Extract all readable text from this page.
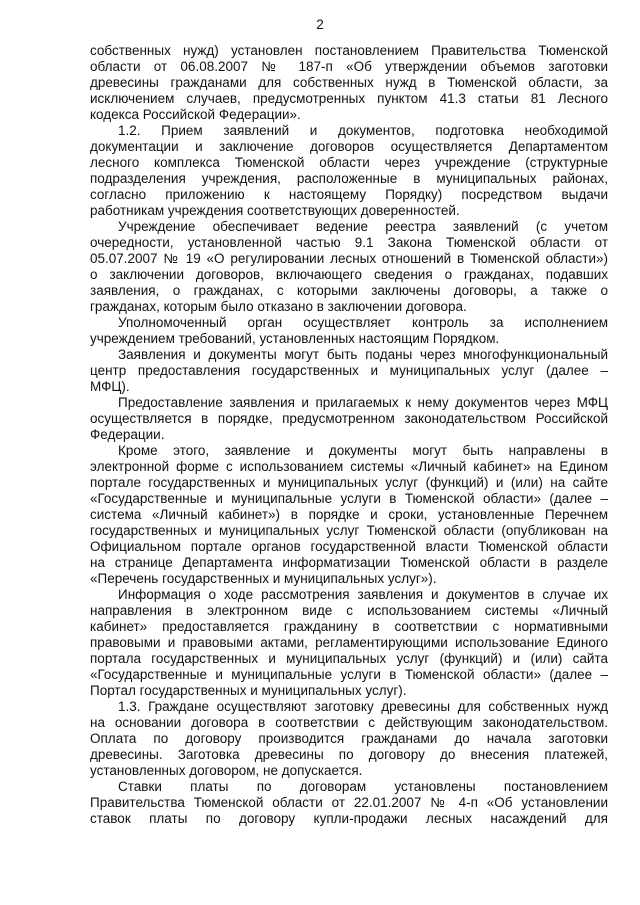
2
собственных нужд) установлен постановлением Правительства Тюменской
области от 06.08.2007 № 187-п «Об утверждении объемов заготовки
древесины гражданами для собственных нужд в Тюменской области, за
исключением случаев, предусмотренных пунктом 41.3 статьи 81 Лесного
кодекса Российской Федерации».
1.2. Прием заявлений и документов, подготовка необходимой
документации и заключение договоров осуществляется Департаментом
лесного комплекса Тюменской области через учреждение (структурные
подразделения учреждения, расположенные в муниципальных районах,
согласно приложению к настоящему Порядку) посредством выдачи
работникам учреждения соответствующих доверенностей.
Учреждение обеспечивает ведение реестра заявлений (с учетом
очередности, установленной частью 9.1 Закона Тюменской области от
05.07.2007 № 19 «О регулировании лесных отношений в Тюменской области»)
о заключении договоров, включающего сведения о гражданах, подавших
заявления, о гражданах, с которыми заключены договоры, а также о
гражданах, которым было отказано в заключении договора.
Уполномоченный орган осуществляет контроль за исполнением
учреждением требований, установленных настоящим Порядком.
Заявления и документы могут быть поданы через многофункциональный
центр предоставления государственных и муниципальных услуг (далее –
МФЦ).
Предоставление заявления и прилагаемых к нему документов через МФЦ
осуществляется в порядке, предусмотренном законодательством Российской
Федерации.
Кроме этого, заявление и документы могут быть направлены в
электронной форме с использованием системы «Личный кабинет» на Едином
портале государственных и муниципальных услуг (функций) и (или) на сайте
«Государственные и муниципальные услуги в Тюменской области» (далее –
система «Личный кабинет») в порядке и сроки, установленные Перечнем
государственных и муниципальных услуг Тюменской области (опубликован на
Официальном портале органов государственной власти Тюменской области
на странице Департамента информатизации Тюменской области в разделе
«Перечень государственных и муниципальных услуг»).
Информация о ходе рассмотрения заявления и документов в случае их
направления в электронном виде с использованием системы «Личный
кабинет» предоставляется гражданину в соответствии с нормативными
правовыми и правовыми актами, регламентирующими использование Единого
портала государственных и муниципальных услуг (функций) и (или) сайта
«Государственные и муниципальные услуги в Тюменской области» (далее –
Портал государственных и муниципальных услуг).
1.3. Граждане осуществляют заготовку древесины для собственных нужд
на основании договора в соответствии с действующим законодательством.
Оплата по договору производится гражданами до начала заготовки
древесины. Заготовка древесины по договору до внесения платежей,
установленных договором, не допускается.
Ставки платы по договорам установлены постановлением
Правительства Тюменской области от 22.01.2007 № 4-п «Об установлении
ставок платы по договору купли-продажи лесных насаждений для
